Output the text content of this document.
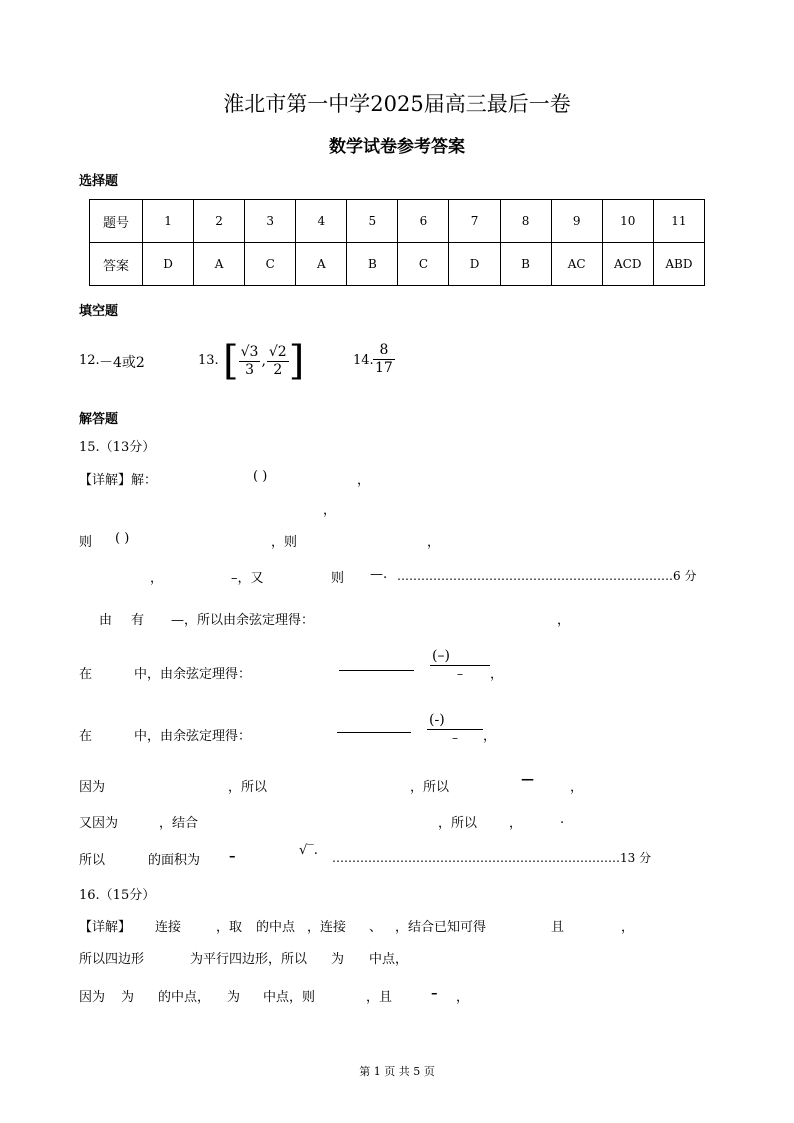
淮北市第一中学2025届高三最后一卷
数学试卷参考答案
选择题
题号	1	2	3	4	5	6	7	8	9	10	11
答案	D	A	C	A	B	C	D	B	AC	ACD	ABD
填空题
12. －4或2	13. [ $\frac{√3}{3}$ , $\frac{√2}{2}$ ]	14. $\frac{8}{17}$
解答题
15.（13分）
【详解】解：	( )	，
，
则 ( )	，则	，
，	–，又	则 —. ……………………………………………………………6 分
由 有 —，所以由余弦定理得：	，
在	中，由余弦定理得：
(–)
–	，
在	中，由余弦定理得：
(-)
–	，
因为	，所以	，所以
—
，
又因为	，结合	，所以 ，	.
所以	的面积为 –	√‾. ………………………………………………………………13 分
16.（15分）
【详解】 连接	，取 的中点 ，连接 、 ，结合已知可得	且	，
所以四边形	为平行四边形，所以 为 中点，
因为 为 的中点， 为 中点，则	，且	– ，
第 1 页 共 5 页
